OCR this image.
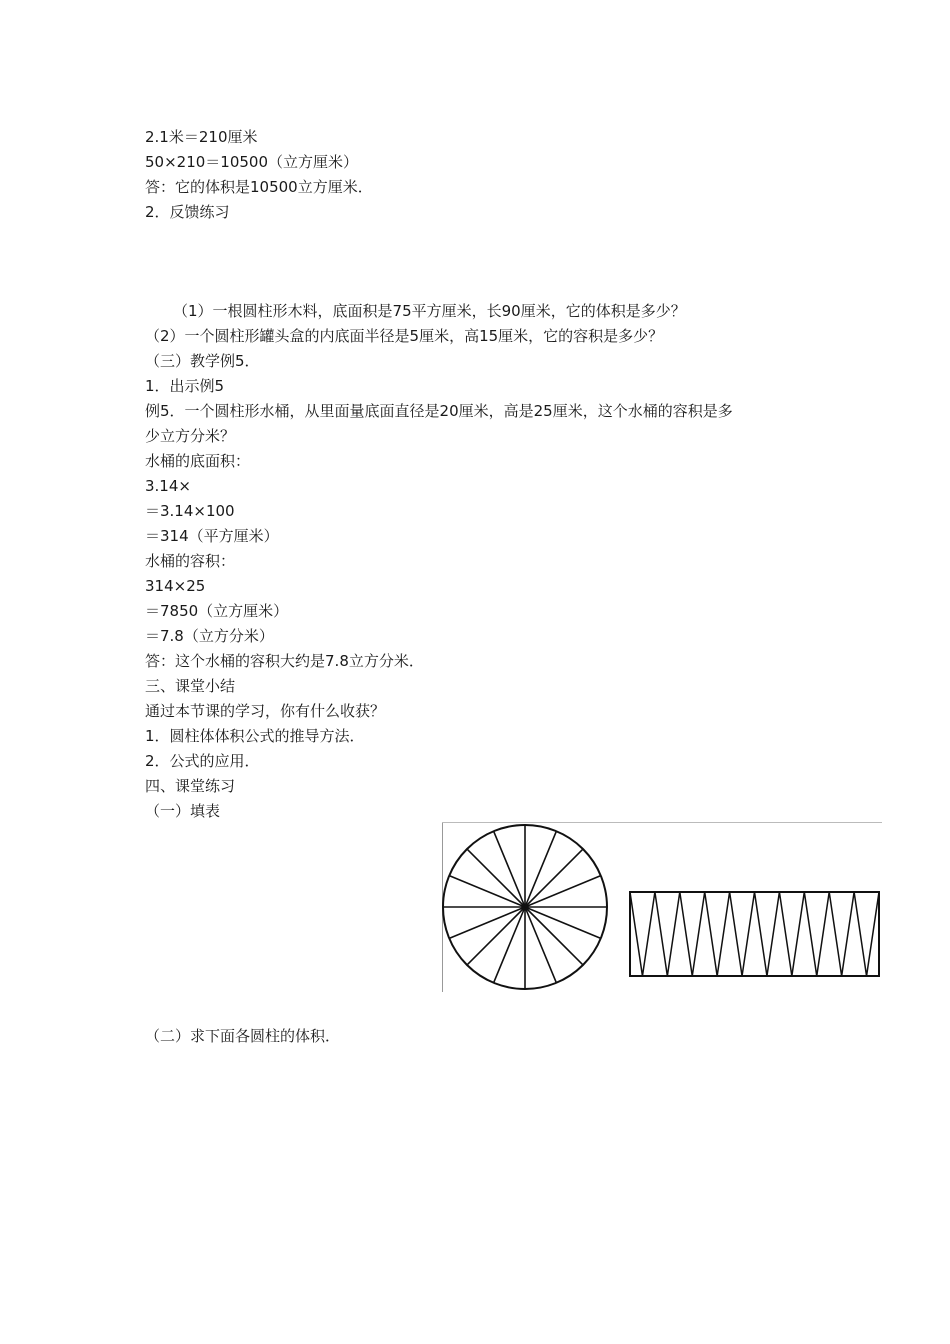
2.1米＝210厘米
50×210＝10500（立方厘米）
答：它的体积是10500立方厘米．
2．反馈练习
（1）一根圆柱形木料，底面积是75平方厘米，长90厘米，它的体积是多少？
（2）一个圆柱形罐头盒的内底面半径是5厘米，高15厘米，它的容积是多少？
（三）教学例5．
1．出示例5
例5．一个圆柱形水桶，从里面量底面直径是20厘米，高是25厘米，这个水桶的容积是多
少立方分米？
水桶的底面积：
3.14×
＝3.14×100
＝314（平方厘米）
水桶的容积：
314×25
＝7850（立方厘米）
＝7.8（立方分米）
答：这个水桶的容积大约是7.8立方分米．
三、课堂小结
通过本节课的学习，你有什么收获？
1．圆柱体体积公式的推导方法．
2．公式的应用．
四、课堂练习
（一）填表
（二）求下面各圆柱的体积．
